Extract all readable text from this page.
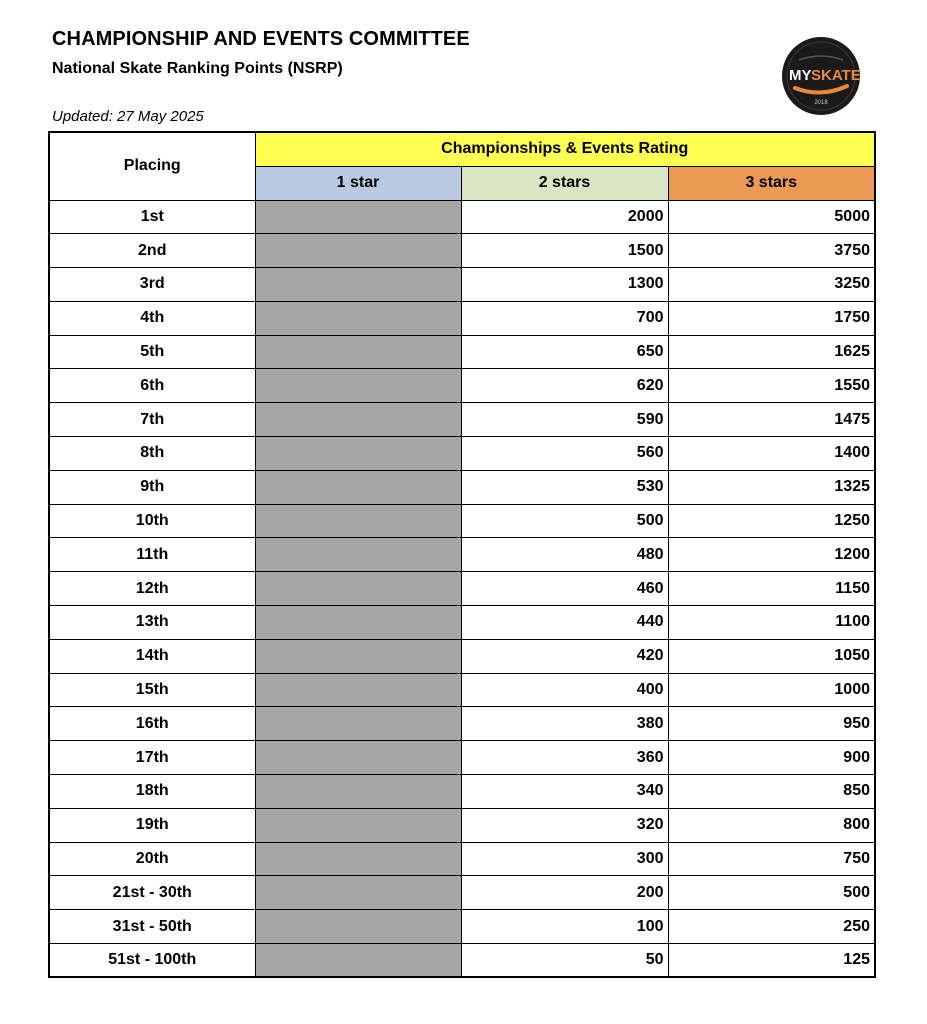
CHAMPIONSHIP AND EVENTS COMMITTEE
National Skate Ranking Points (NSRP)
Updated: 27 May 2025
MY SKATE
2018
Placing	Championships & Events Rating		
	1 star	2 stars	3 stars
1st		2000	5000
2nd		1500	3750
3rd		1300	3250
4th		700	1750
5th		650	1625
6th		620	1550
7th		590	1475
8th		560	1400
9th		530	1325
10th		500	1250
11th		480	1200
12th		460	1150
13th		440	1100
14th		420	1050
15th		400	1000
16th		380	950
17th		360	900
18th		340	850
19th		320	800
20th		300	750
21st - 30th		200	500
31st - 50th		100	250
51st - 100th		50	125
